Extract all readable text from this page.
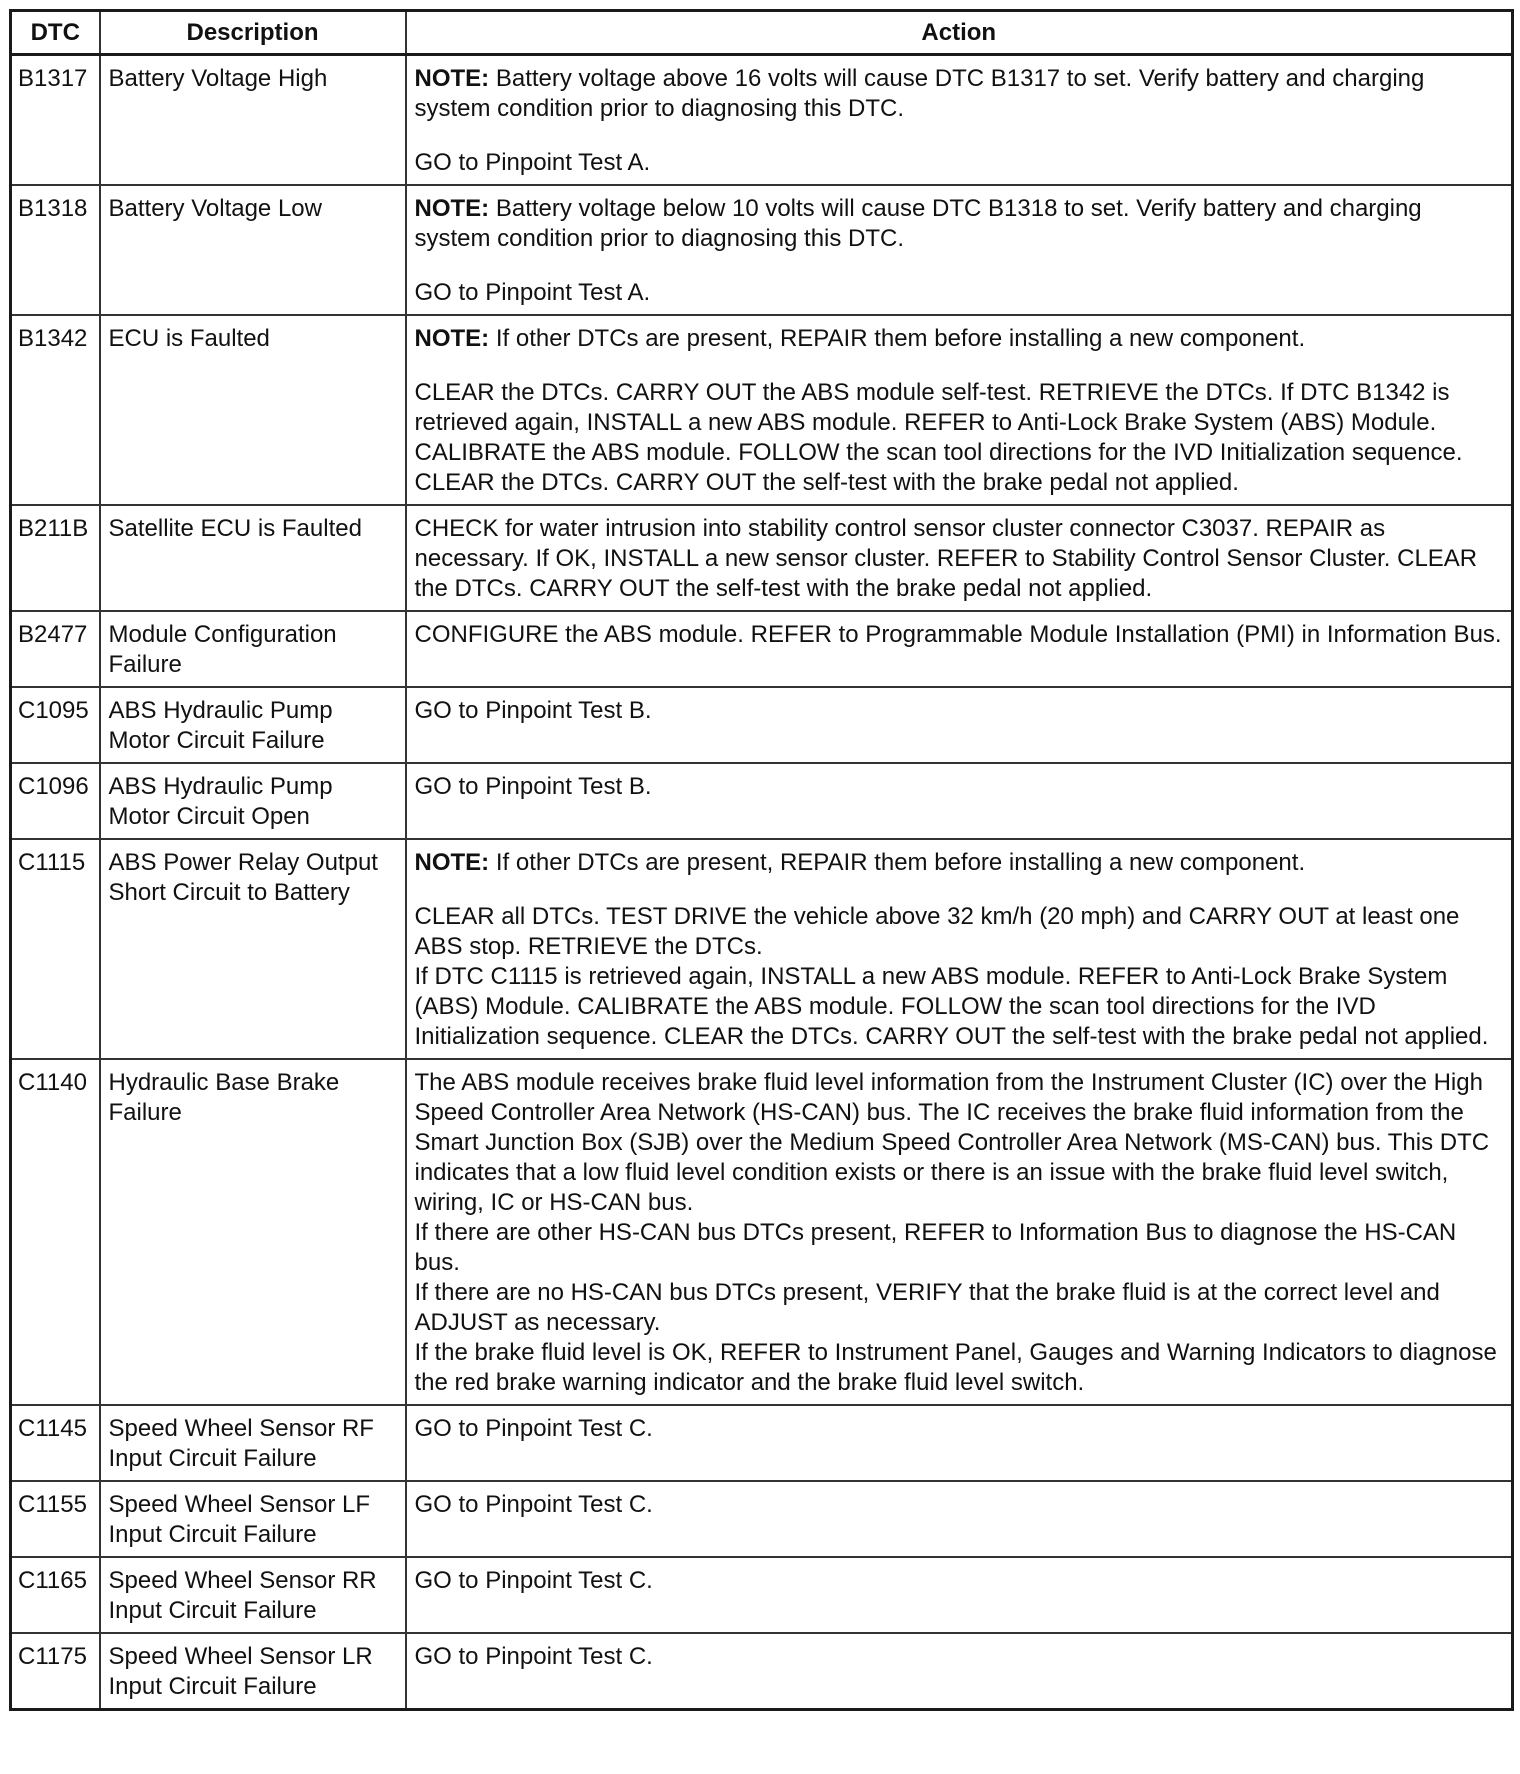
DTC	Description	Action
B1317	Battery Voltage High	NOTE: Battery voltage above 16 volts will cause DTC B1317 to set. Verify battery and charging system condition prior to diagnosing this DTC.

GO to Pinpoint Test A.

B1318	Battery Voltage Low	NOTE: Battery voltage below 10 volts will cause DTC B1318 to set. Verify battery and charging system condition prior to diagnosing this DTC.

GO to Pinpoint Test A.

B1342	ECU is Faulted	NOTE: If other DTCs are present, REPAIR them before installing a new component.

CLEAR the DTCs. CARRY OUT the ABS module self-test. RETRIEVE the DTCs. If DTC B1342 is retrieved again, INSTALL a new ABS module. REFER to Anti-Lock Brake System (ABS) Module. CALIBRATE the ABS module. FOLLOW the scan tool directions for the IVD Initialization sequence. CLEAR the DTCs. CARRY OUT the self-test with the brake pedal not applied.

B211B	Satellite ECU is Faulted	CHECK for water intrusion into stability control sensor cluster connector C3037. REPAIR as necessary. If OK, INSTALL a new sensor cluster. REFER to Stability Control Sensor Cluster. CLEAR the DTCs. CARRY OUT the self-test with the brake pedal not applied.

B2477	Module Configuration Failure	CONFIGURE the ABS module. REFER to Programmable Module Installation (PMI) in Information Bus.

C1095	ABS Hydraulic Pump Motor Circuit Failure	GO to Pinpoint Test B.

C1096	ABS Hydraulic Pump Motor Circuit Open	GO to Pinpoint Test B.

C1115	ABS Power Relay Output Short Circuit to Battery	NOTE: If other DTCs are present, REPAIR them before installing a new component.

CLEAR all DTCs. TEST DRIVE the vehicle above 32 km/h (20 mph) and CARRY OUT at least one ABS stop. RETRIEVE the DTCs.

If DTC C1115 is retrieved again, INSTALL a new ABS module. REFER to Anti-Lock Brake System (ABS) Module. CALIBRATE the ABS module. FOLLOW the scan tool directions for the IVD Initialization sequence. CLEAR the DTCs. CARRY OUT the self-test with the brake pedal not applied.

C1140	Hydraulic Base Brake Failure	The ABS module receives brake fluid level information from the Instrument Cluster (IC) over the High Speed Controller Area Network (HS-CAN) bus. The IC receives the brake fluid information from the Smart Junction Box (SJB) over the Medium Speed Controller Area Network (MS-CAN) bus. This DTC indicates that a low fluid level condition exists or there is an issue with the brake fluid level switch, wiring, IC or HS-CAN bus.

If there are other HS-CAN bus DTCs present, REFER to Information Bus to diagnose the HS-CAN bus.

If there are no HS-CAN bus DTCs present, VERIFY that the brake fluid is at the correct level and ADJUST as necessary.

If the brake fluid level is OK, REFER to Instrument Panel, Gauges and Warning Indicators to diagnose the red brake warning indicator and the brake fluid level switch.

C1145	Speed Wheel Sensor RF Input Circuit Failure	GO to Pinpoint Test C.

C1155	Speed Wheel Sensor LF Input Circuit Failure	GO to Pinpoint Test C.

C1165	Speed Wheel Sensor RR Input Circuit Failure	GO to Pinpoint Test C.

C1175	Speed Wheel Sensor LR Input Circuit Failure	GO to Pinpoint Test C.
